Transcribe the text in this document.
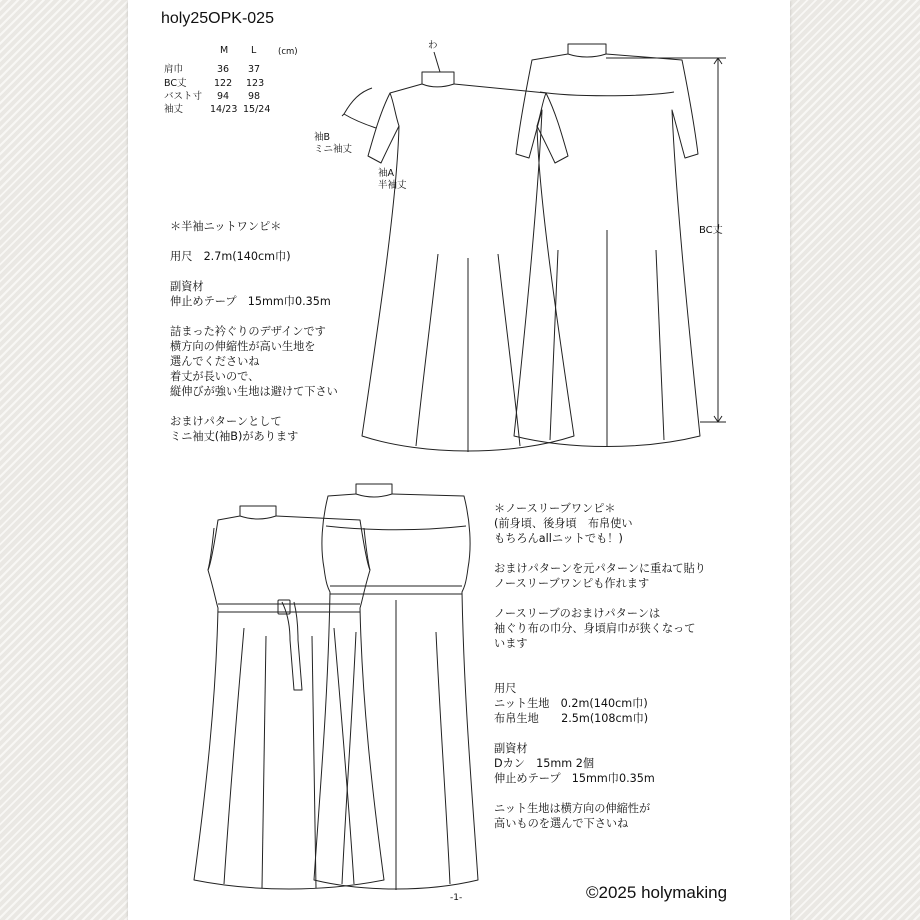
holy25OPK-025
M L	(cm)
肩巾	36 37
BC丈	122 123
バスト寸 94 98
袖丈	14/23 15/24
わ
袖B
ミニ袖丈
袖A
半袖丈
BC丈

＊半袖ニットワンピ＊

用尺　2.7m(140cm巾)

副資材

伸止めテープ　15mm巾0.35m

詰まった衿ぐりのデザインです

横方向の伸縮性が高い生地を

選んでくださいね

着丈が長いので、

縦伸びが強い生地は避けて下さい

おまけパターンとして

ミニ袖丈(袖B)があります

＊ノースリーブワンピ＊

(前身頃、後身頃　布帛使い

もちろんallニットでも！)

おまけパターンを元パターンに重ねて貼り

ノースリーブワンピも作れます

ノースリーブのおまけパターンは

袖ぐり布の巾分、身頃肩巾が狭くなって

います

用尺

ニット生地　0.2m(140cm巾)

布帛生地　　2.5m(108cm巾)

副資材

Dカン　15mm 2個

伸止めテープ　15mm巾0.35m

ニット生地は横方向の伸縮性が

高いものを選んで下さいね

-1-	©2025 holymaking
